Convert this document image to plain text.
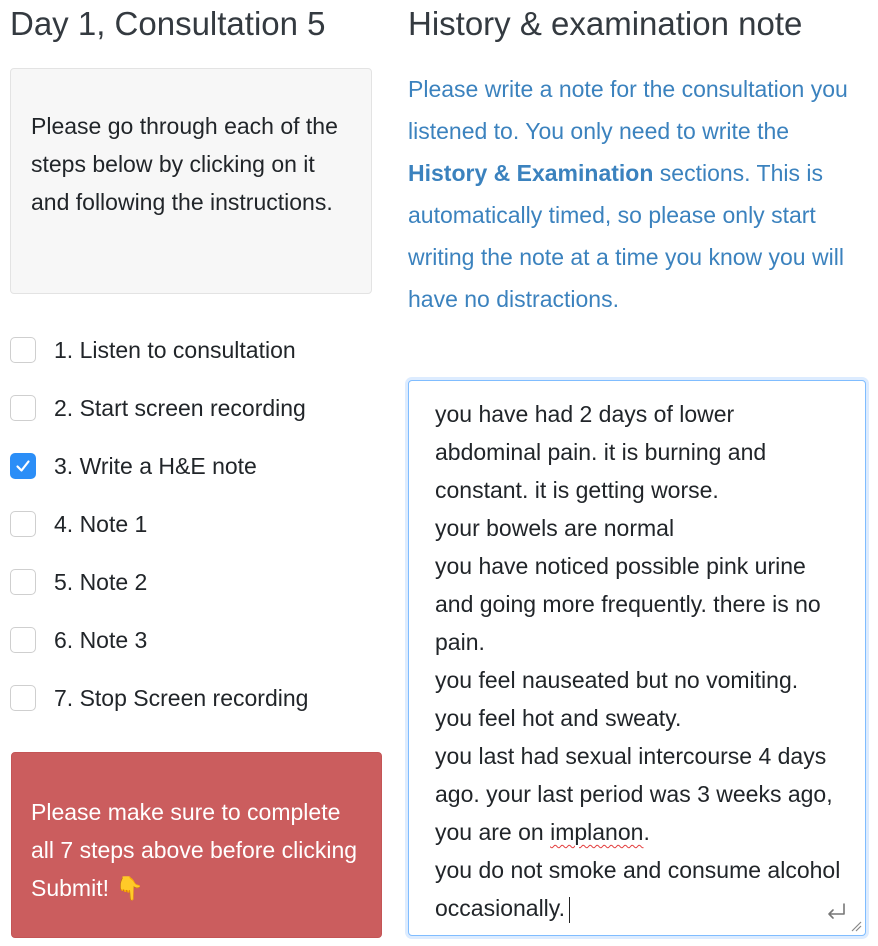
Day 1, Consultation 5
Please go through each of the steps below by clicking on it and following the instructions.
1. Listen to consultation
2. Start screen recording
3. Write a H&E note
4. Note 1
5. Note 2
6. Note 3
7. Stop Screen recording
Please make sure to complete all 7 steps above before clicking Submit! 👇
History & examination note
Please write a note for the consultation you listened to. You only need to write the History & Examination sections. This is automatically timed, so please only start writing the note at a time you know you will have no distractions.

you have had 2 days of lower abdominal pain. it is burning and constant. it is getting worse.

your bowels are normal

you have noticed possible pink urine and going more frequently. there is no pain.

you feel nauseated but no vomiting. you feel hot and sweaty.

you last had sexual intercourse 4 days ago. your last period was 3 weeks ago, you are on implanon.

you do not smoke and consume alcohol occasionally.
